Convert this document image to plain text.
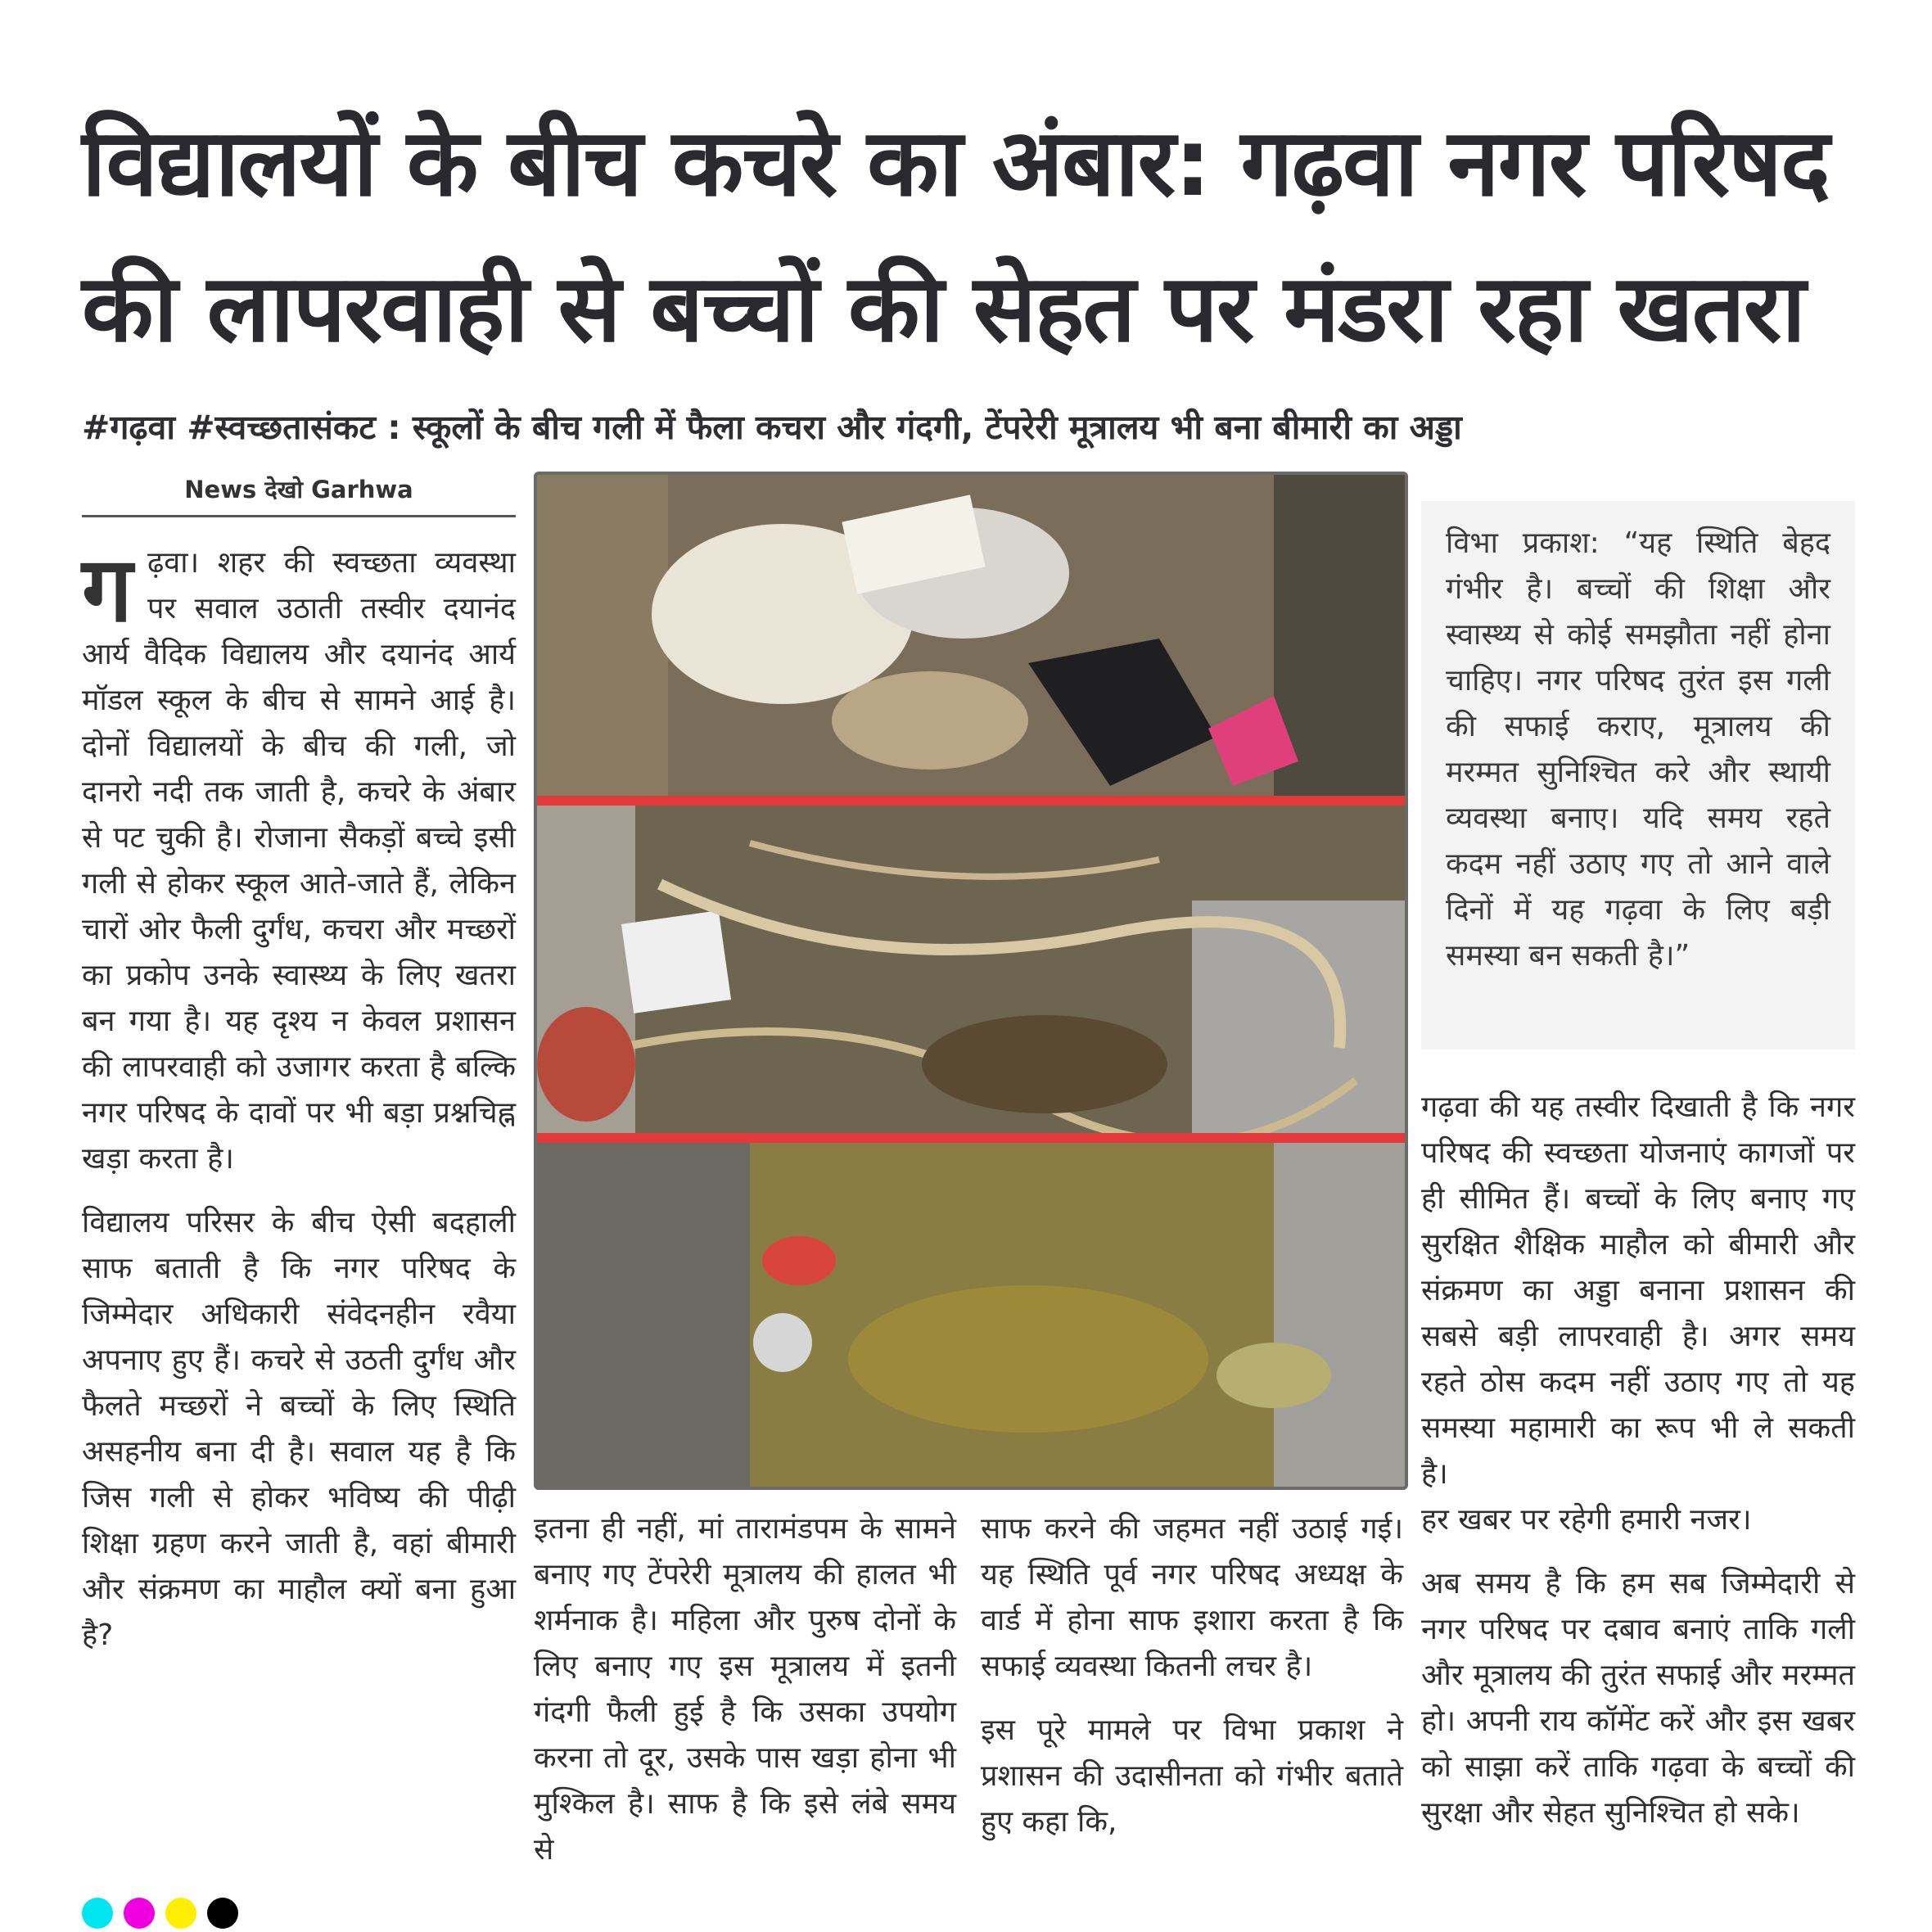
विद्यालयों के बीच कचरे का अंबार: गढ़वा नगर परिषद
की लापरवाही से बच्चों की सेहत पर मंडरा रहा खतरा
#गढ़वा #स्वच्छतासंकट : स्कूलों के बीच गली में फैला कचरा और गंदगी, टेंपरेरी मूत्रालय भी बना बीमारी का अड्डा
News देखो Garhwa

गढ़वा। शहर की स्वच्छता व्यवस्था पर सवाल उठाती तस्वीर दयानंद आर्य वैदिक विद्यालय और दयानंद आर्य मॉडल स्कूल के बीच से सामने आई है। दोनों विद्यालयों के बीच की गली, जो दानरो नदी तक जाती है, कचरे के अंबार से पट चुकी है। रोजाना सैकड़ों बच्चे इसी गली से होकर स्कूल आते-जाते हैं, लेकिन चारों ओर फैली दुर्गंध, कचरा और मच्छरों का प्रकोप उनके स्वास्थ्य के लिए खतरा बन गया है। यह दृश्य न केवल प्रशासन की लापरवाही को उजागर करता है बल्कि नगर परिषद के दावों पर भी बड़ा प्रश्नचिह्न खड़ा करता है।

विद्यालय परिसर के बीच ऐसी बदहाली साफ बताती है कि नगर परिषद के जिम्मेदार अधिकारी संवेदनहीन रवैया अपनाए हुए हैं। कचरे से उठती दुर्गंध और फैलते मच्छरों ने बच्चों के लिए स्थिति असहनीय बना दी है। सवाल यह है कि जिस गली से होकर भविष्य की पीढ़ी शिक्षा ग्रहण करने जाती है, वहां बीमारी और संक्रमण का माहौल क्यों बना हुआ है?

इतना ही नहीं, मां तारामंडपम के सामने बनाए गए टेंपरेरी मूत्रालय की हालत भी शर्मनाक है। महिला और पुरुष दोनों के लिए बनाए गए इस मूत्रालय में इतनी गंदगी फैली हुई है कि उसका उपयोग करना तो दूर, उसके पास खड़ा होना भी मुश्किल है। साफ है कि इसे लंबे समय से

साफ करने की जहमत नहीं उठाई गई। यह स्थिति पूर्व नगर परिषद अध्यक्ष के वार्ड में होना साफ इशारा करता है कि सफाई व्यवस्था कितनी लचर है।

इस पूरे मामले पर विभा प्रकाश ने प्रशासन की उदासीनता को गंभीर बताते हुए कहा कि,

विभा प्रकाश: “यह स्थिति बेहद गंभीर है। बच्चों की शिक्षा और स्वास्थ्य से कोई समझौता नहीं होना चाहिए। नगर परिषद तुरंत इस गली की सफाई कराए, मूत्रालय की मरम्मत सुनिश्चित करे और स्थायी व्यवस्था बनाए। यदि समय रहते कदम नहीं उठाए गए तो आने वाले दिनों में यह गढ़वा के लिए बड़ी समस्या बन सकती है।”

गढ़वा की यह तस्वीर दिखाती है कि नगर परिषद की स्वच्छता योजनाएं कागजों पर ही सीमित हैं। बच्चों के लिए बनाए गए सुरक्षित शैक्षिक माहौल को बीमारी और संक्रमण का अड्डा बनाना प्रशासन की सबसे बड़ी लापरवाही है। अगर समय रहते ठोस कदम नहीं उठाए गए तो यह समस्या महामारी का रूप भी ले सकती है।

हर खबर पर रहेगी हमारी नजर।

अब समय है कि हम सब जिम्मेदारी से नगर परिषद पर दबाव बनाएं ताकि गली और मूत्रालय की तुरंत सफाई और मरम्मत हो। अपनी राय कॉमेंट करें और इस खबर को साझा करें ताकि गढ़वा के बच्चों की सुरक्षा और सेहत सुनिश्चित हो सके।
